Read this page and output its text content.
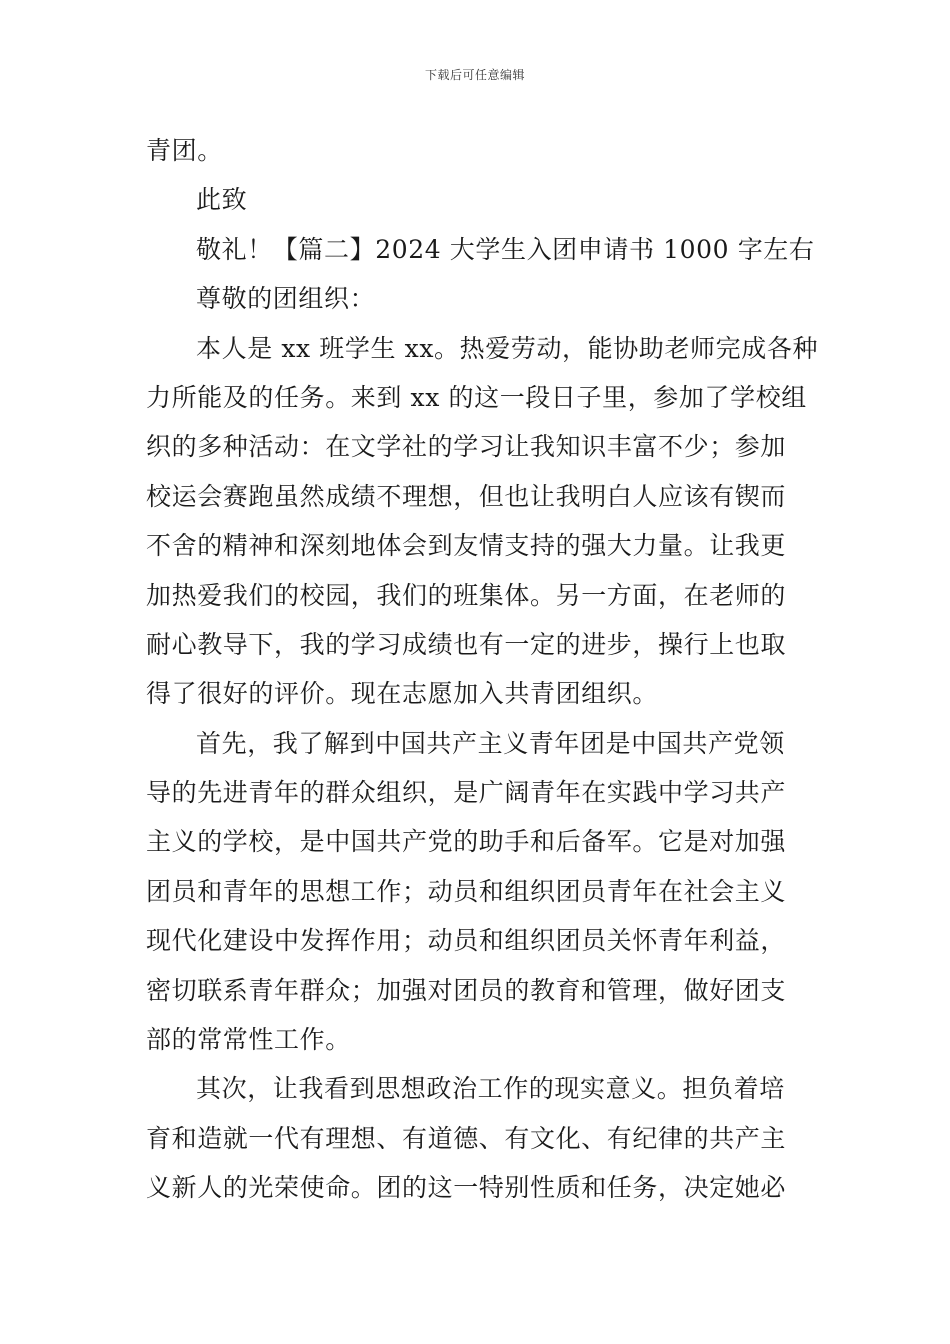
下载后可任意编辑
青团。
此致
敬礼！【篇二】2024 大学生入团申请书 1000 字左右
尊敬的团组织：
本人是 xx 班学生 xx。热爱劳动，能协助老师完成各种
力所能及的任务。来到 xx 的这一段日子里，参加了学校组
织的多种活动：在文学社的学习让我知识丰富不少；参加
校运会赛跑虽然成绩不理想，但也让我明白人应该有锲而
不舍的精神和深刻地体会到友情支持的强大力量。让我更
加热爱我们的校园，我们的班集体。另一方面，在老师的
耐心教导下，我的学习成绩也有一定的进步，操行上也取
得了很好的评价。现在志愿加入共青团组织。
首先，我了解到中国共产主义青年团是中国共产党领
导的先进青年的群众组织，是广阔青年在实践中学习共产
主义的学校，是中国共产党的助手和后备军。它是对加强
团员和青年的思想工作；动员和组织团员青年在社会主义
现代化建设中发挥作用；动员和组织团员关怀青年利益，
密切联系青年群众；加强对团员的教育和管理，做好团支
部的常常性工作。
其次，让我看到思想政治工作的现实意义。担负着培
育和造就一代有理想、有道德、有文化、有纪律的共产主
义新人的光荣使命。团的这一特别性质和任务，决定她必
